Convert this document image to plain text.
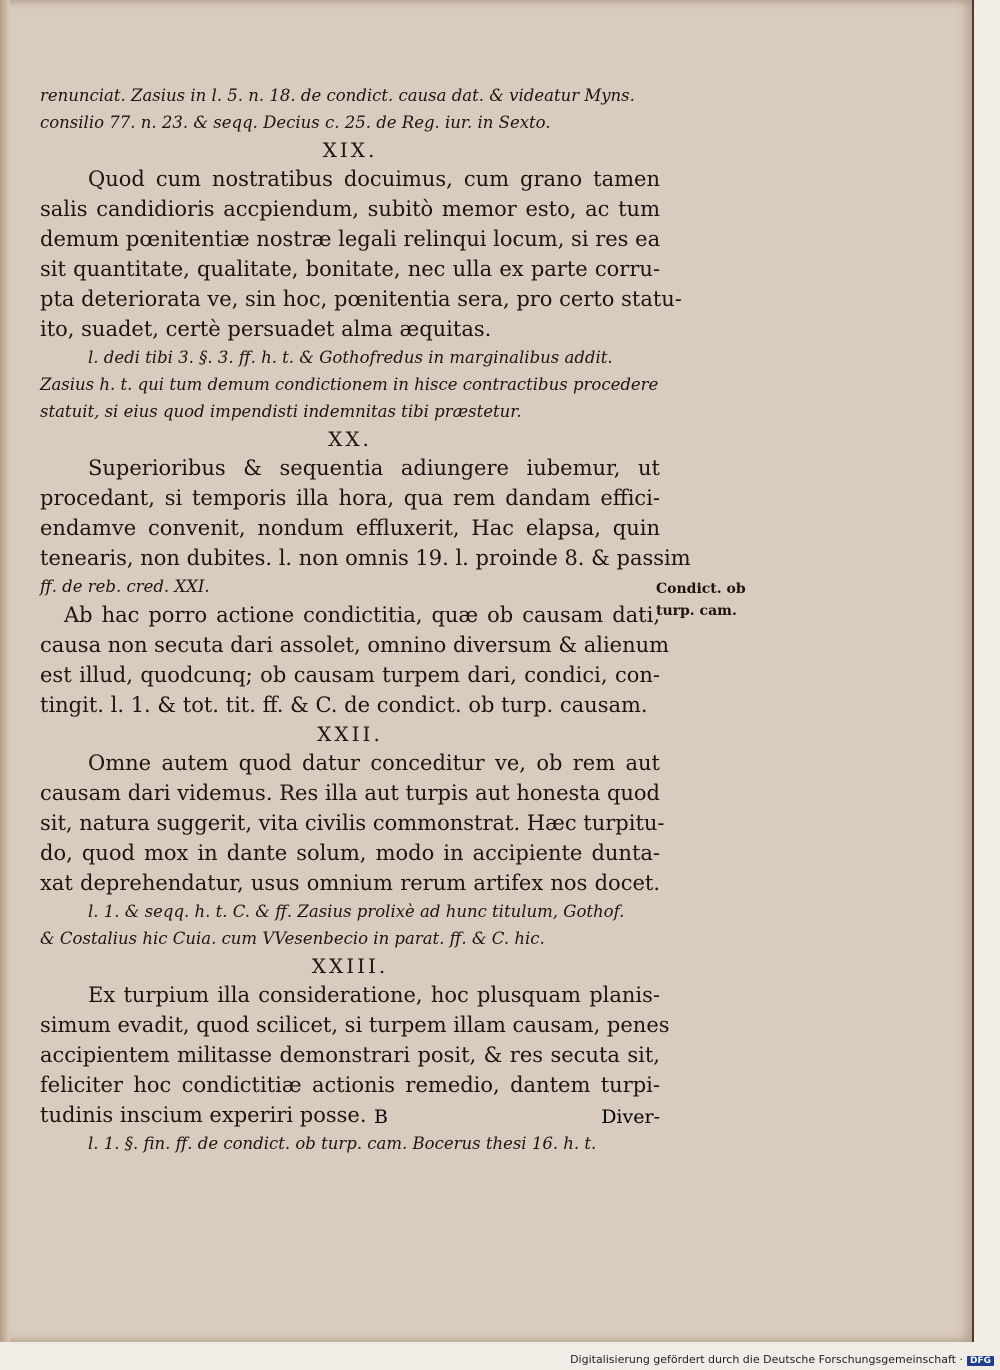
renunciat. Zasius in l. 5. n. 18. de condict. causa dat. & videatur Myns.
consilio 77. n. 23. & seqq. Decius c. 25. de Reg. iur. in Sexto.
XIX.
Quod cum nostratibus docuimus, cum grano tamen
salis candidioris accpiendum, subitò memor esto, ac tum
demum pœnitentiæ nostræ legali relinqui locum, si res ea
sit quantitate, qualitate, bonitate, nec ulla ex parte corru-
pta deteriorata ve, sin hoc, pœnitentia sera, pro certo statu-
ito, suadet, certè persuadet alma æquitas.
l. dedi tibi 3. §. 3. ff. h. t. & Gothofredus in marginalibus addit.
Zasius h. t. qui tum demum condictionem in hisce contractibus procedere
statuit, si eius quod impendisti indemnitas tibi præstetur.
XX.
Superioribus & sequentia adiungere iubemur, ut
procedant, si temporis illa hora, qua rem dandam effici-
endamve convenit, nondum effluxerit, Hac elapsa, quin
tenearis, non dubites. l. non omnis 19. l. proinde 8. & passim
ff. de reb. cred. XXI.
Ab hac porro actione condictitia, quæ ob causam dati,
causa non secuta dari assolet, omnino diversum & alienum
est illud, quodcunq; ob causam turpem dari, condici, con-
tingit. l. 1. & tot. tit. ff. & C. de condict. ob turp. causam.
XXII.
Omne autem quod datur conceditur ve, ob rem aut
causam dari videmus. Res illa aut turpis aut honesta quod
sit, natura suggerit, vita civilis commonstrat. Hæc turpitu-
do, quod mox in dante solum, modo in accipiente dunta-
xat deprehendatur, usus omnium rerum artifex nos docet.
l. 1. & seqq. h. t. C. & ff. Zasius prolixè ad hunc titulum, Gothof.
& Costalius hic Cuia. cum VVesenbecio in parat. ff. & C. hic.
XXIII.
Ex turpium illa consideratione, hoc plusquam planis-
simum evadit, quod scilicet, si turpem illam causam, penes
accipientem militasse demonstrari posit, & res secuta sit,
feliciter hoc condictitiæ actionis remedio, dantem turpi-
tudinis inscium experiri posse.
l. 1. §. fin. ff. de condict. ob turp. cam. Bocerus thesi 16. h. t.
Condict. ob
turp. cam.
B	Diver-
Digitalisierung gefördert durch die Deutsche Forschungsgemeinschaft · DFG
